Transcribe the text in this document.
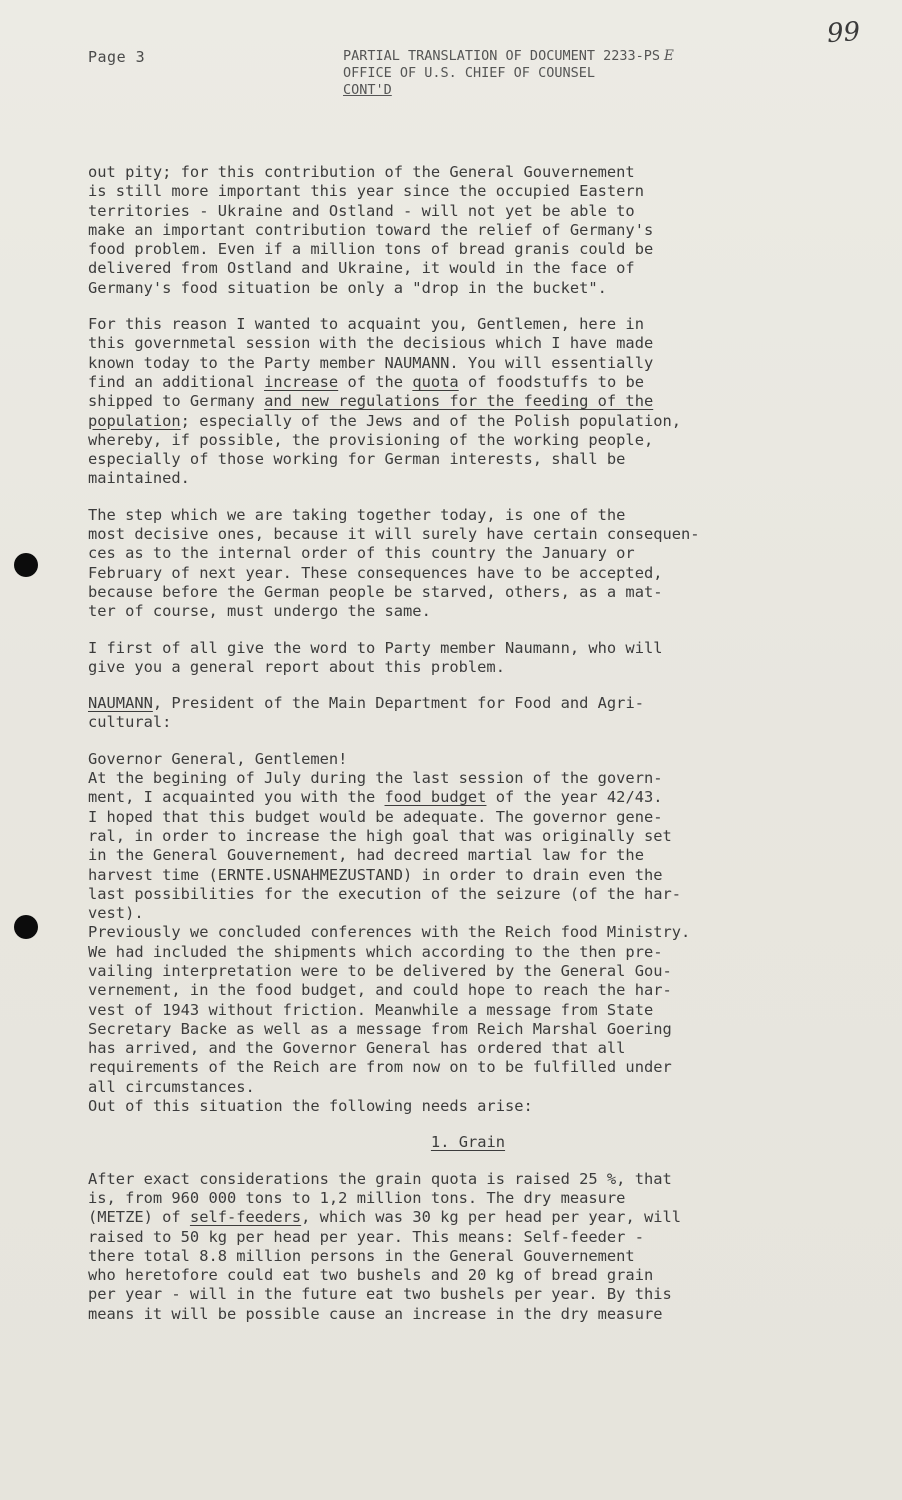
Page 3	PARTIAL TRANSLATION OF DOCUMENT 2233-PS E
OFFICE OF U.S. CHIEF OF COUNSEL
CONT'D
99

out pity; for this contribution of the General Gouvernement
is still more important this year since the occupied Eastern
territories - Ukraine and Ostland - will not yet be able to
make an important contribution toward the relief of Germany's
food problem. Even if a million tons of bread granis could be
delivered from Ostland and Ukraine, it would in the face of
Germany's food situation be only a "drop in the bucket".

For this reason I wanted to acquaint you, Gentlemen, here in
this governmetal session with the decisious which I have made
known today to the Party member NAUMANN. You will essentially
find an additional increase of the quota of foodstuffs to be
shipped to Germany and new regulations for the feeding of the
population; especially of the Jews and of the Polish population,
whereby, if possible, the provisioning of the working people,
especially of those working for German interests, shall be
maintained.

The step which we are taking together today, is one of the
most decisive ones, because it will surely have certain consequen-
ces as to the internal order of this country the January or
February of next year. These consequences have to be accepted,
because before the German people be starved, others, as a mat-
ter of course, must undergo the same.

I first of all give the word to Party member Naumann, who will
give you a general report about this problem.

NAUMANN, President of the Main Department for Food and Agri-
cultural:

Governor General, Gentlemen!

At the begining of July during the last session of the govern-
ment, I acquainted you with the food budget of the year 42/43.
I hoped that this budget would be adequate. The governor gene-
ral, in order to increase the high goal that was originally set
in the General Gouvernement, had decreed martial law for the
harvest time (ERNTE.USNAHMEZUSTAND) in order to drain even the
last possibilities for the execution of the seizure (of the har-
vest).

Previously we concluded conferences with the Reich food Ministry.
We had included the shipments which according to the then pre-
vailing interpretation were to be delivered by the General Gou-
vernement, in the food budget, and could hope to reach the har-
vest of 1943 without friction. Meanwhile a message from State
Secretary Backe as well as a message from Reich Marshal Goering
has arrived, and the Governor General has ordered that all
requirements of the Reich are from now on to be fulfilled under
all circumstances.

Out of this situation the following needs arise:

1. Grain

After exact considerations the grain quota is raised 25 %, that
is, from 960 000 tons to 1,2 million tons. The dry measure
(METZE) of self-feeders, which was 30 kg per head per year, will
raised to 50 kg per head per year. This means: Self-feeder -
there total 8.8 million persons in the General Gouvernement
who heretofore could eat two bushels and 20 kg of bread grain
per year - will in the future eat two bushels per year. By this
means it will be possible cause an increase in the dry measure
